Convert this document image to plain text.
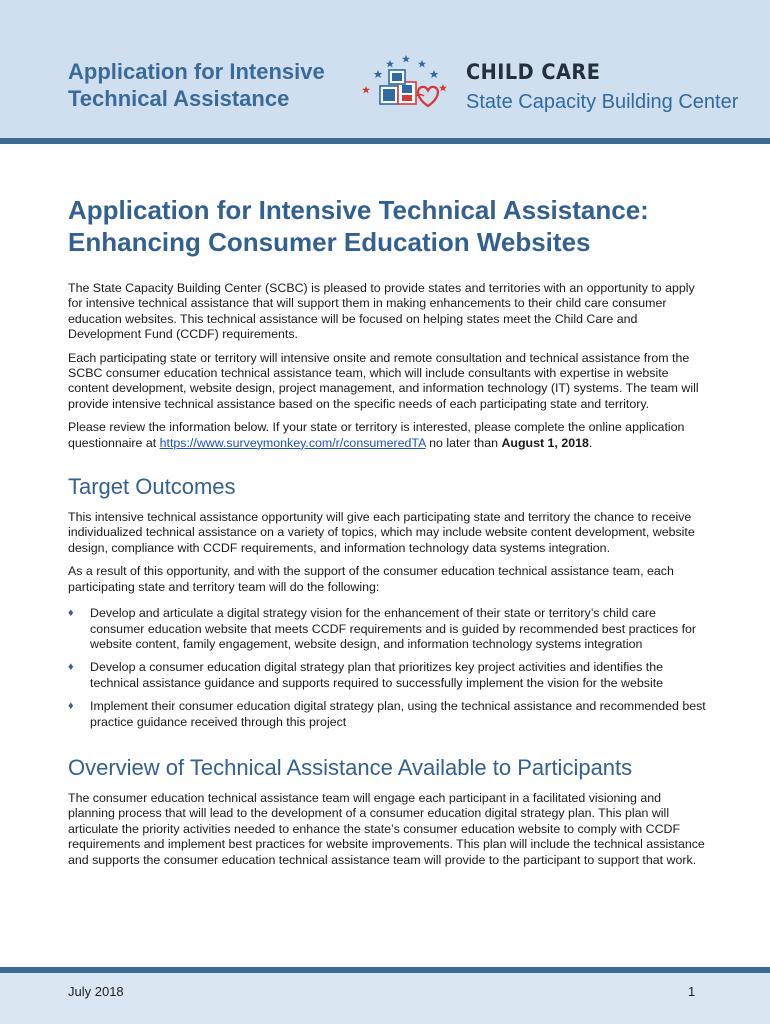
Application for Intensive
Technical Assistance
CHILD CARE
State Capacity Building Center
Application for Intensive Technical Assistance:
Enhancing Consumer Education Websites

The State Capacity Building Center (SCBC) is pleased to provide states and territories with an opportunity to apply for intensive technical assistance that will support them in making enhancements to their child care consumer education websites. This technical assistance will be focused on helping states meet the Child Care and Development Fund (CCDF) requirements.

Each participating state or territory will intensive onsite and remote consultation and technical assistance from the SCBC consumer education technical assistance team, which will include consultants with expertise in website content development, website design, project management, and information technology (IT) systems. The team will provide intensive technical assistance based on the specific needs of each participating state and territory.

Please review the information below. If your state or territory is interested, please complete the online application questionnaire at https://www.surveymonkey.com/r/consumeredTA no later than August 1, 2018.

Target Outcomes

This intensive technical assistance opportunity will give each participating state and territory the chance to receive individualized technical assistance on a variety of topics, which may include website content development, website design, compliance with CCDF requirements, and information technology data systems integration.

As a result of this opportunity, and with the support of the consumer education technical assistance team, each participating state and territory team will do the following:

♦ Develop and articulate a digital strategy vision for the enhancement of their state or territory’s child care consumer education website that meets CCDF requirements and is guided by recommended best practices for website content, family engagement, website design, and information technology systems integration

♦ Develop a consumer education digital strategy plan that prioritizes key project activities and identifies the technical assistance guidance and supports required to successfully implement the vision for the website

♦ Implement their consumer education digital strategy plan, using the technical assistance and recommended best practice guidance received through this project

Overview of Technical Assistance Available to Participants

The consumer education technical assistance team will engage each participant in a facilitated visioning and planning process that will lead to the development of a consumer education digital strategy plan. This plan will articulate the priority activities needed to enhance the state’s consumer education website to comply with CCDF requirements and implement best practices for website improvements. This plan will include the technical assistance and supports the consumer education technical assistance team will provide to the participant to support that work.

July 2018	1
